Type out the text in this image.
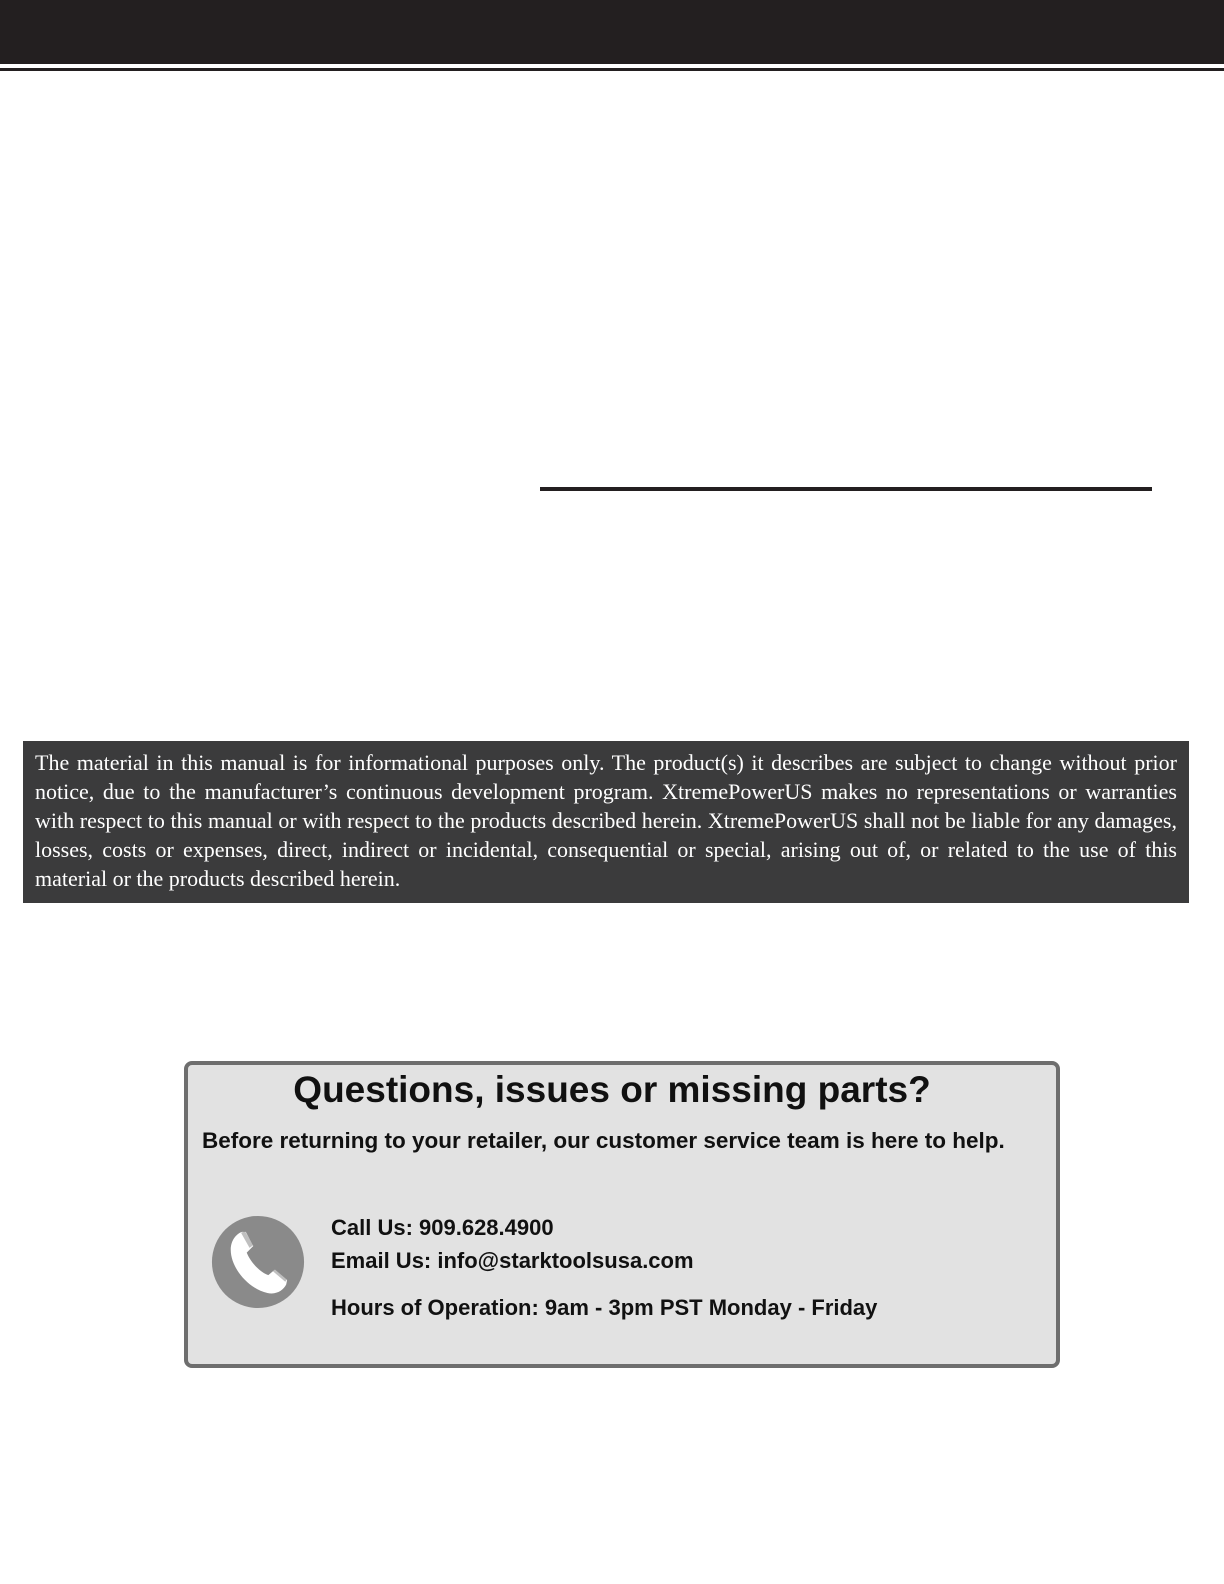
The material in this manual is for informational purposes only. The product(s) it describes are subject to change without prior notice, due to the manufacturer’s continuous development program. XtremePowerUS makes no representations or warranties with respect to this manual or with respect to the products described herein. XtremePowerUS shall not be liable for any damages, losses, costs or expenses, direct, indirect or incidental, consequential or special, arising out of, or related to the use of this material or the products described herein.

Questions, issues or missing parts?

Before returning to your retailer, our customer service team is here to help.

Call Us: 909.628.4900

Email Us: info@starktoolsusa.com

Hours of Operation: 9am - 3pm PST Monday - Friday
